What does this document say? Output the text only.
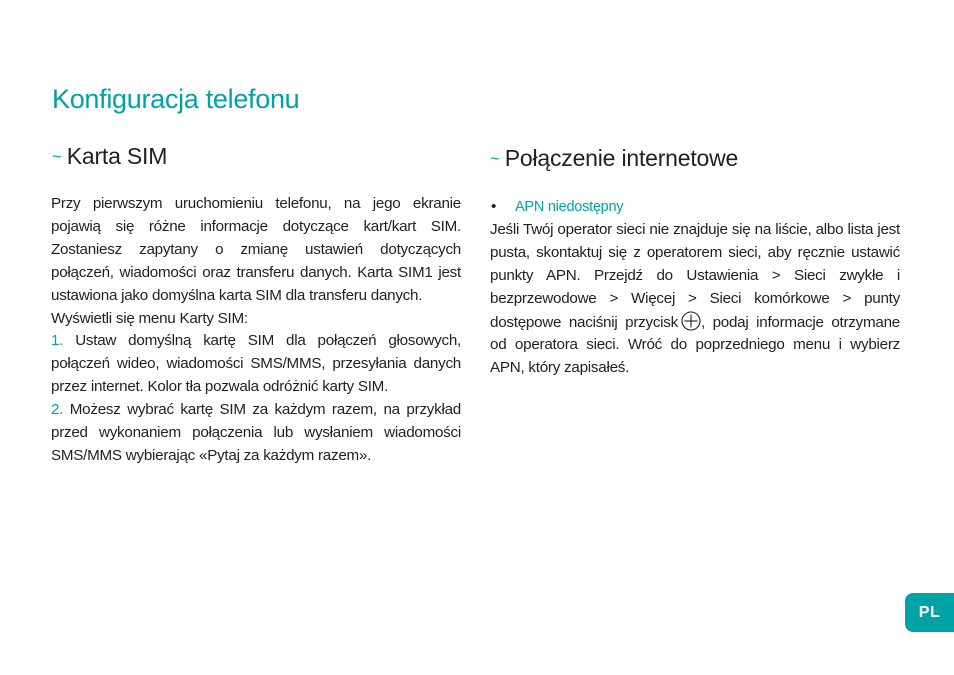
Konfiguracja telefonu
~ Karta SIM	~ Połączenie internetowe

Przy pierwszym uruchomieniu telefonu, na jego ekranie pojawią się różne informacje dotyczące kart/kart SIM. Zostaniesz zapytany o zmianę ustawień dotyczących połączeń, wiadomości oraz transferu danych. Karta SIM1 jest ustawiona jako domyślna karta SIM dla transferu danych.

Wyświetli się menu Karty SIM:

1. Ustaw domyślną kartę SIM dla połączeń głosowych, połączeń wideo, wiadomości SMS/MMS, przesyłania danych przez internet. Kolor tła pozwala odróżnić karty SIM.

2. Możesz wybrać kartę SIM za każdym razem, na przykład przed wykonaniem połączenia lub wysłaniem wiadomości SMS/MMS wybierając «Pytaj za każdym razem».

•	APN niedostępny

Jeśli Twój operator sieci nie znajduje się na liście, albo lista jest pusta, skontaktuj się z operatorem sieci, aby ręcznie ustawić punkty APN. Przejdź do Ustawienia > Sieci zwykłe i bezprzewodowe > Więcej > Sieci komórkowe > punty dostępowe naciśnij przycisk , podaj informacje otrzymane od operatora sieci. Wróć do poprzedniego menu i wybierz APN, który zapisałeś.

PL
